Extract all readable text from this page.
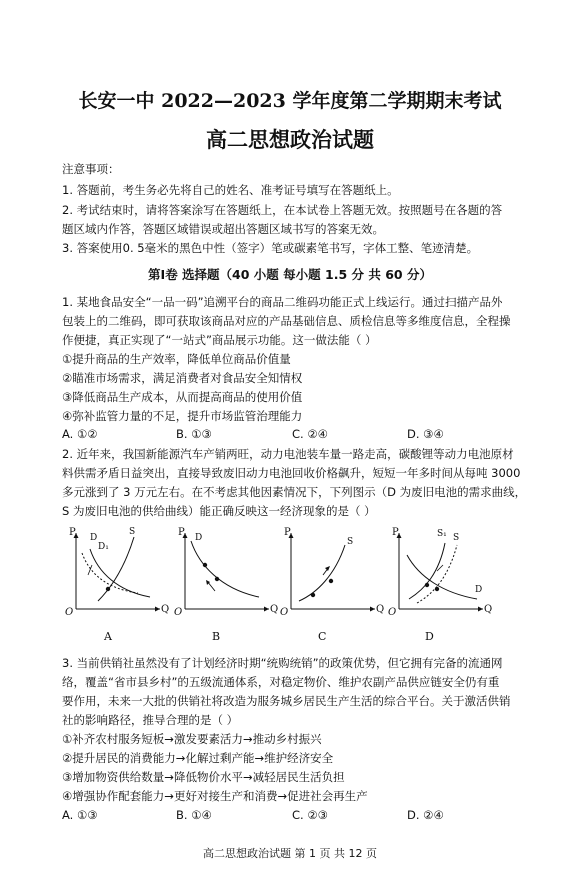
长安一中 2022—2023 学年度第二学期期末考试
高二思想政治试题
注意事项：
1. 答题前，考生务必先将自己的姓名、准考证号填写在答题纸上。
2. 考试结束时，请将答案涂写在答题纸上，在本试卷上答题无效。按照题号在各题的答
题区域内作答，答题区域错误或超出答题区域书写的答案无效。
3. 答案使用0. 5毫米的黑色中性（签字）笔或碳素笔书写，字体工整、笔迹清楚。
第Ⅰ卷 选择题（40 小题 每小题 1.5 分 共 60 分）
1. 某地食品安全“一品一码”追溯平台的商品二维码功能正式上线运行。通过扫描产品外
包装上的二维码，即可获取该商品对应的产品基础信息、质检信息等多维度信息，全程操
作便捷，真正实现了“一站式”商品展示功能。这一做法能（ ）
①提升商品的生产效率，降低单位商品价值量
②瞄准市场需求，满足消费者对食品安全知情权
③降低商品生产成本，从而提高商品的使用价值
④弥补监管力量的不足，提升市场监管治理能力
A. ①②	B. ①③	C. ②④	D. ③④
2. 近年来，我国新能源汽车产销两旺，动力电池装车量一路走高，碳酸锂等动力电池原材
料供需矛盾日益突出，直接导致废旧动力电池回收价格飙升，短短一年多时间从每吨 3000
多元涨到了 3 万元左右。在不考虑其他因素情况下，下列图示（D 为废旧电池的需求曲线，
S 为废旧电池的供给曲线）能正确反映这一经济现象的是（ ）
P
Q
O
D
D₁
S	P
Q
O
D	P
Q
O
S
P
Q
O
S₁ S
D
A	B	C	D
3. 当前供销社虽然没有了计划经济时期“统购统销”的政策优势，但它拥有完备的流通网
络，覆盖“省市县乡村”的五级流通体系，对稳定物价、维护农副产品供应链安全仍有重
要作用，未来一大批的供销社将改造为服务城乡居民生产生活的综合平台。关于激活供销
社的影响路径，推导合理的是（ ）
①补齐农村服务短板→激发要素活力→推动乡村振兴
②提升居民的消费能力→化解过剩产能→维护经济安全
③增加物资供给数量→降低物价水平→减轻居民生活负担
④增强协作配套能力→更好对接生产和消费→促进社会再生产
A. ①③	B. ①④	C. ②③	D. ②④
高二思想政治试题 第 1 页 共 12 页
